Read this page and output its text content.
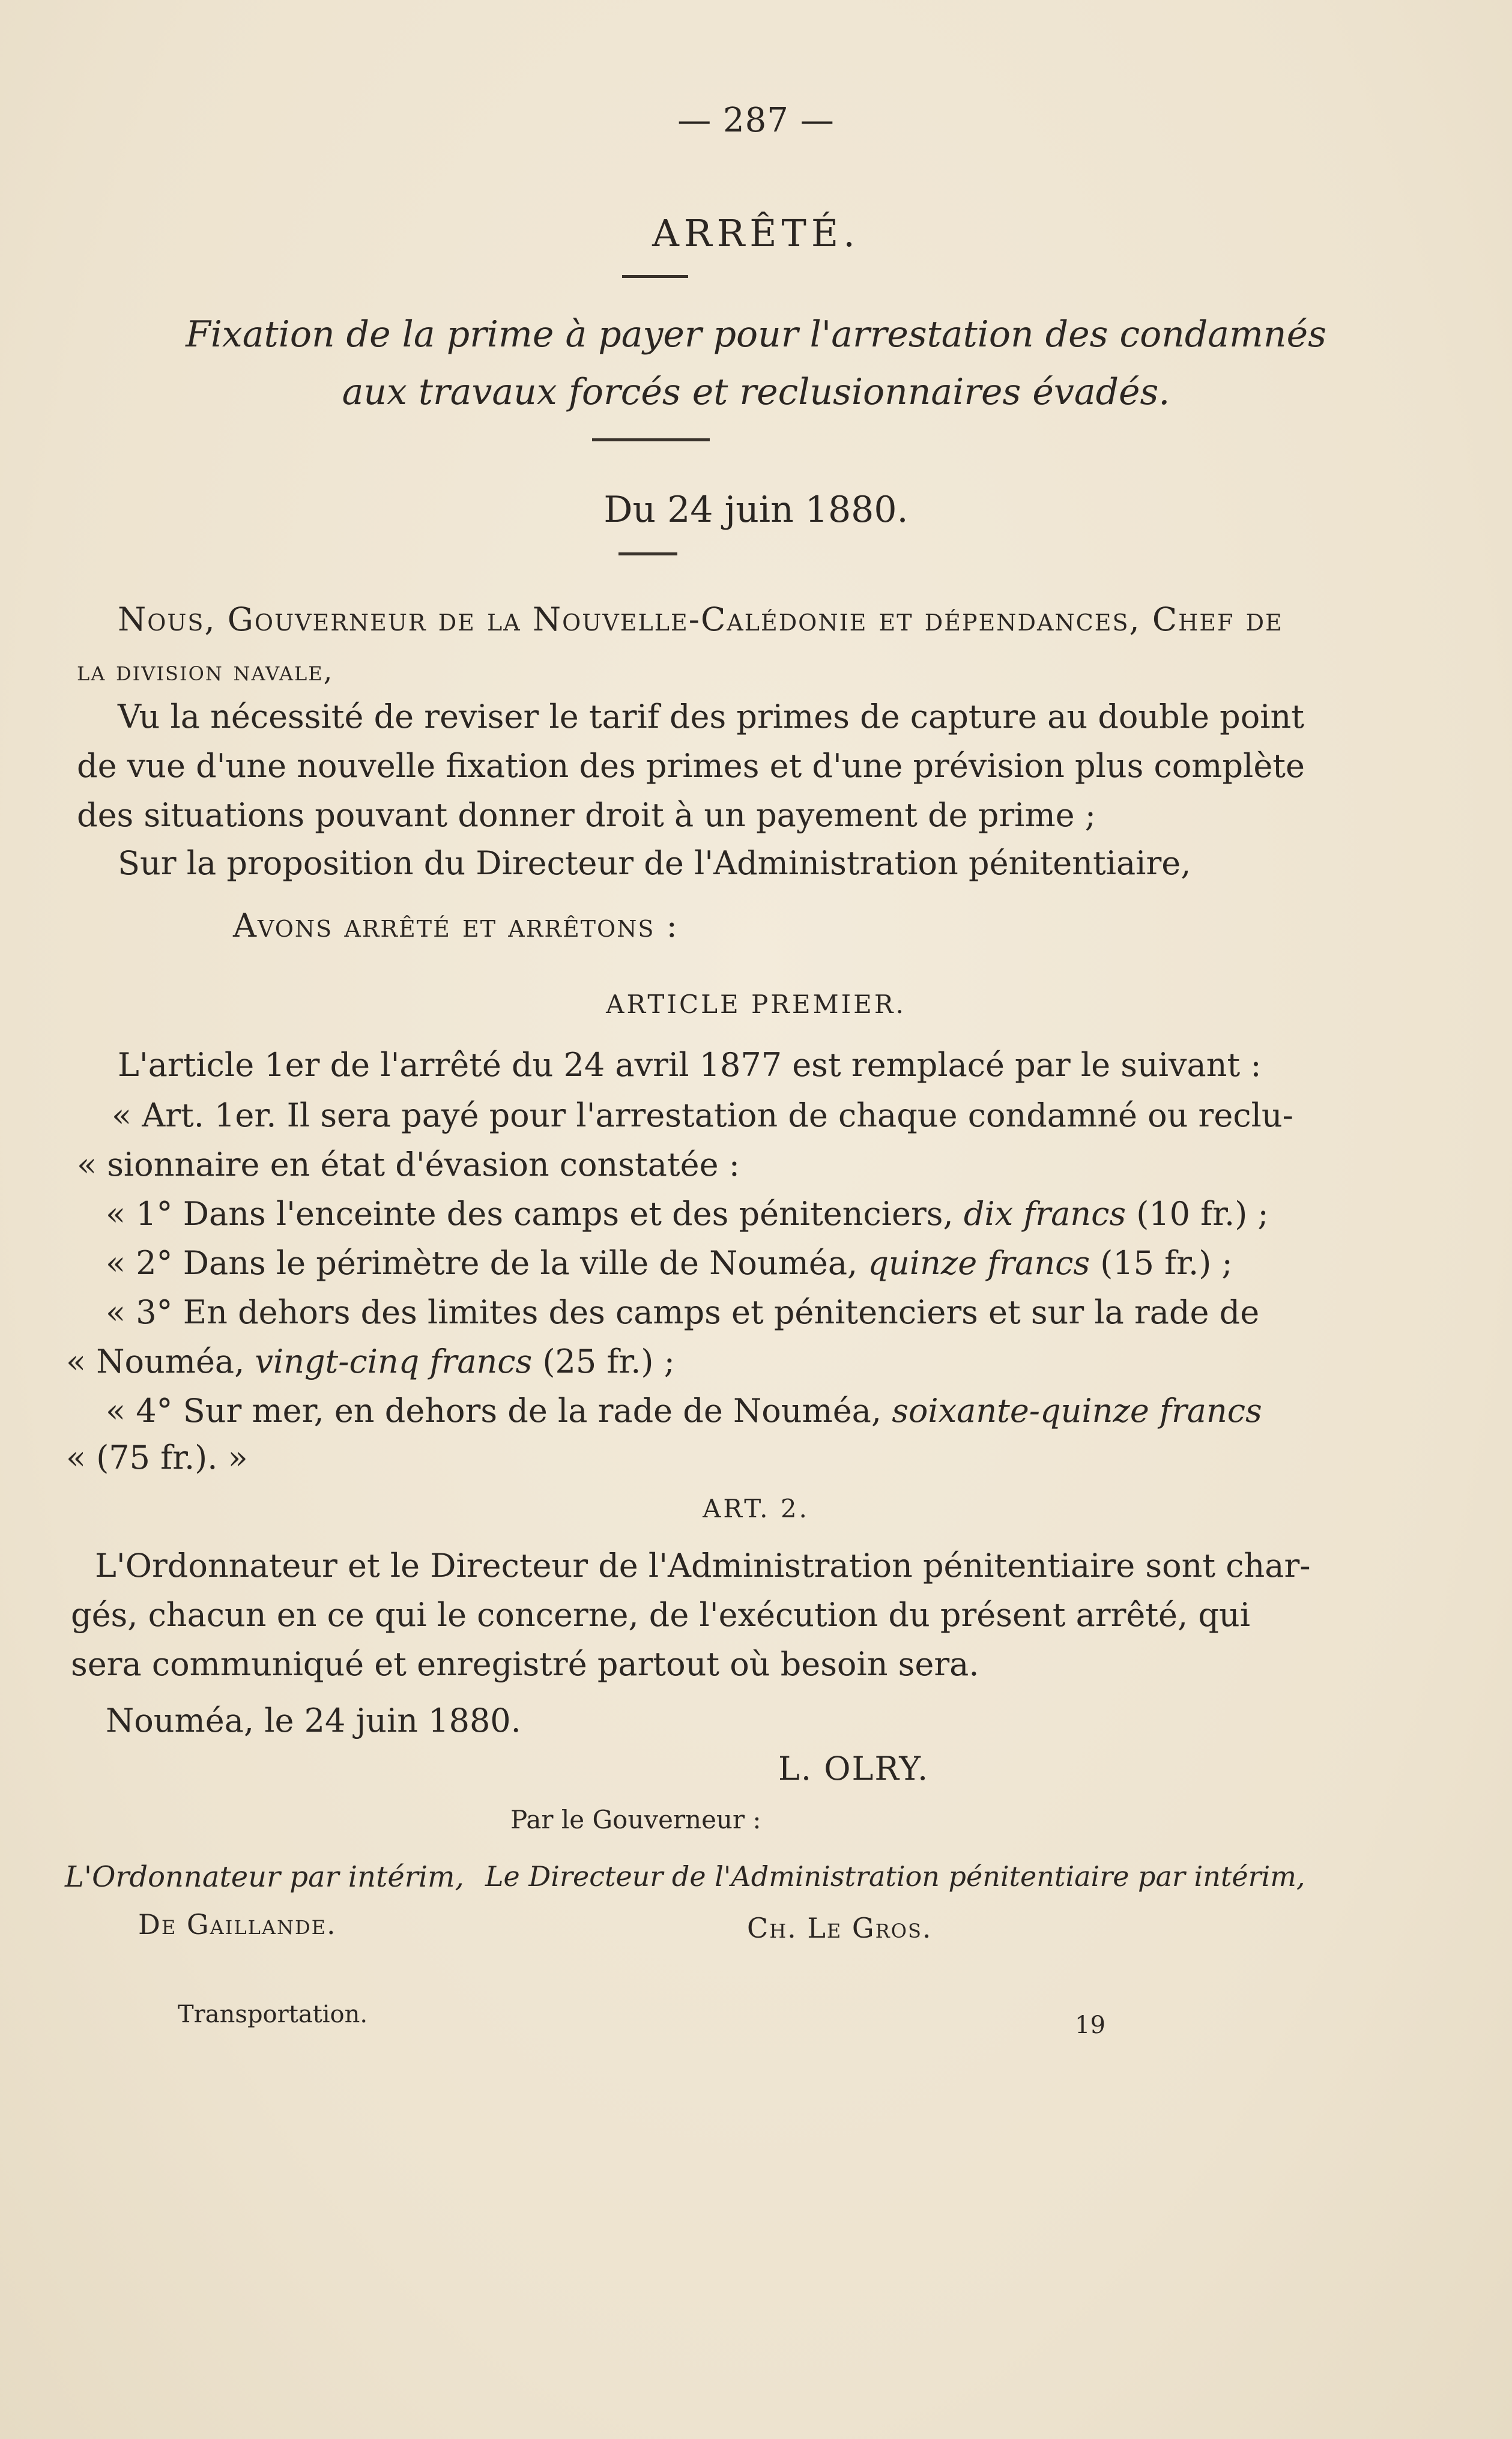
— 287 —
ARRÊTÉ.
Fixation de la prime à payer pour l'arrestation des condamnés
aux travaux forcés et reclusionnaires évadés.
Du 24 juin 1880.
Nous, Gouverneur de la Nouvelle-Calédonie et dépendances, Chef de
la division navale,
Vu la nécessité de reviser le tarif des primes de capture au double point
de vue d'une nouvelle fixation des primes et d'une prévision plus complète
des situations pouvant donner droit à un payement de prime ;
Sur la proposition du Directeur de l'Administration pénitentiaire,
Avons arrêté et arrêtons :
ARTICLE PREMIER.
L'article 1er de l'arrêté du 24 avril 1877 est remplacé par le suivant :
« Art. 1er. Il sera payé pour l'arrestation de chaque condamné ou reclu-
« sionnaire en état d'évasion constatée :
« 1° Dans l'enceinte des camps et des pénitenciers, dix francs (10 fr.) ;
« 2° Dans le périmètre de la ville de Nouméa, quinze francs (15 fr.) ;
« 3° En dehors des limites des camps et pénitenciers et sur la rade de
« Nouméa, vingt-cinq francs (25 fr.) ;
« 4° Sur mer, en dehors de la rade de Nouméa, soixante-quinze francs
« (75 fr.). »
ART. 2.
L'Ordonnateur et le Directeur de l'Administration pénitentiaire sont char-
gés, chacun en ce qui le concerne, de l'exécution du présent arrêté, qui
sera communiqué et enregistré partout où besoin sera.
Nouméa, le 24 juin 1880.
L. OLRY.
Par le Gouverneur :
L'Ordonnateur par intérim,
De Gaillande.
Le Directeur de l'Administration pénitentiaire par intérim,
Ch. Le Gros.
Transportation.	19
